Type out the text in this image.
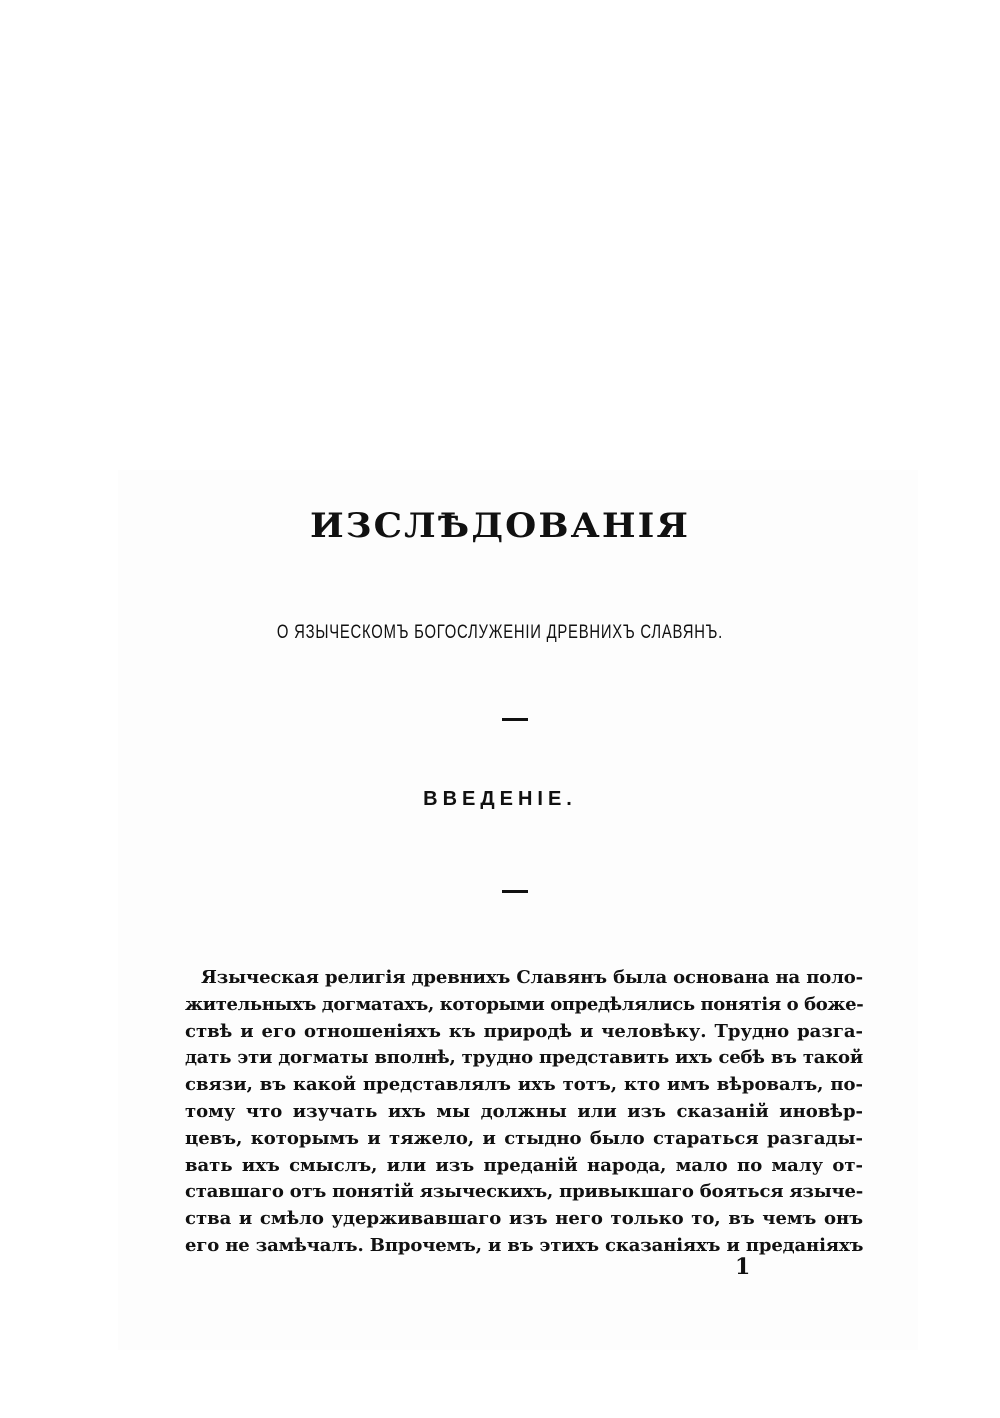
ИЗСЛѢДОВАНІЯ
О ЯЗЫЧЕСКОМЪ БОГОСЛУЖЕНІИ ДРЕВНИХЪ СЛАВЯНЪ.
ВВЕДЕНІЕ.
Языческая религія древнихъ Славянъ была основана на поло-
жительныхъ догматахъ, которыми опредѣлялись понятія о боже-
ствѣ и его отношеніяхъ къ природѣ и человѣку. Трудно разга-
дать эти догматы вполнѣ, трудно представить ихъ себѣ въ такой
связи, въ какой представлялъ ихъ тотъ, кто имъ вѣровалъ, по-
тому что изучать ихъ мы должны или изъ сказаній иновѣр-
цевъ, которымъ и тяжело, и стыдно было стараться разгады-
вать ихъ смыслъ, или изъ преданій народа, мало по малу от-
ставшаго отъ понятій языческихъ, привыкшаго бояться языче-
ства и смѣло удерживавшаго изъ него только то, въ чемъ онъ
его не замѣчалъ. Впрочемъ, и въ этихъ сказаніяхъ и преданіяхъ
1
